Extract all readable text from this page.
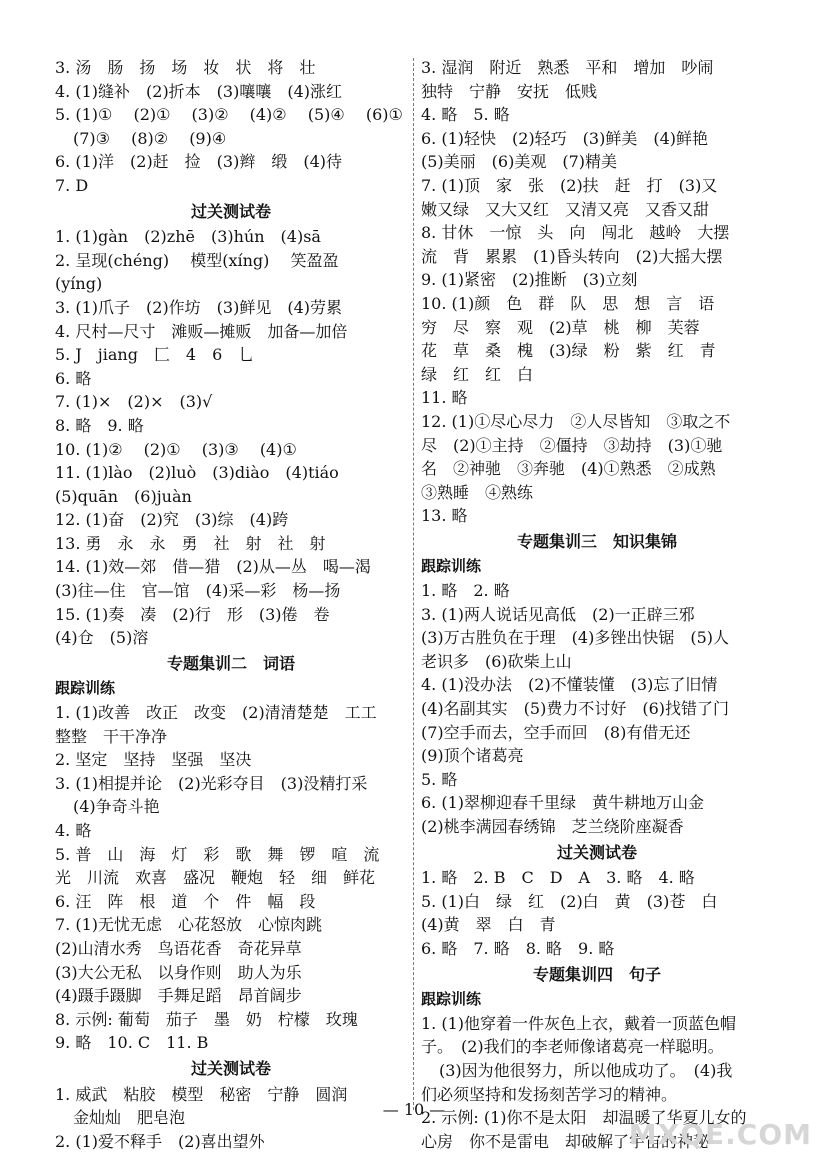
3. 汤　肠　扬　场　妆　状　将　壮
4. (1)缝补　(2)折本　(3)嚷嚷　(4)涨红
5. (1)① 　(2)① 　(3)② 　(4)② 　(5)④ 　(6)①
(7)③ 　(8)② 　(9)④
6. (1)洋　(2)赶　捡　(3)辫　缎　(4)待
7. D
过关测试卷
1. (1)gàn　(2)zhē　(3)hún　(4)sā
2. 呈现(chéng)　 模型(xíng)　 笑盈盈
(yíng)
3. (1)爪子　(2)作坊　(3)鲜见　(4)劳累
4. 尺村—尺寸　滩贩—摊贩　加备—加倍
5. J　jiang　匚　4　6　乚
6. 略
7. (1)×　(2)×　(3)√
8. 略　9. 略
10. (1)② 　(2)① 　(3)③ 　(4)①
11. (1)lào　(2)luò　(3)diào　(4)tiáo
(5)quān　(6)juàn
12. (1)奋　(2)究　(3)综　(4)跨
13. 勇　永　永　勇　社　射　社　射
14. (1)效—郊　借—猎　(2)从—丛　喝—渴
(3)往—住　官—馆　(4)采—彩　杨—扬
15. (1)奏　凑　(2)行　形　(3)倦　卷
(4)仓　(5)溶
专题集训二　词语
跟踪训练
1. (1)改善　改正　改变　(2)清清楚楚　工工
整整　干干净净
2. 坚定　坚持　坚强　坚决
3. (1)相提并论　(2)光彩夺目　(3)没精打采
(4)争奇斗艳
4. 略
5. 普　山　海　灯　彩　歌　舞　锣　喧　流
光　川流　欢喜　盛况　鞭炮　轻　细　鲜花
6. 汪　阵　根　道　个　件　幅　段
7. (1)无忧无虑　心花怒放　心惊肉跳
(2)山清水秀　鸟语花香　奇花异草
(3)大公无私　以身作则　助人为乐
(4)蹑手蹑脚　手舞足蹈　昂首阔步
8. 示例: 葡萄　茄子　墨　奶　柠檬　玫瑰
9. 略　10. C　11. B
过关测试卷
1. 威武　粘胶　模型　秘密　宁静　圆润
金灿灿　肥皂泡
2. (1)爱不释手　(2)喜出望外
3. 湿润　附近　熟悉　平和　增加　吵闹
独特　宁静　安抚　低贱
4. 略　5. 略
6. (1)轻快　(2)轻巧　(3)鲜美　(4)鲜艳
(5)美丽　(6)美观　(7)精美
7. (1)顶　家　张　(2)扶　赶　打　(3)又
嫩又绿　又大又红　又清又亮　又香又甜
8. 甘休　一惊　头　向　闯北　越岭　大摆
流　背　累累　(1)昏头转向　(2)大摇大摆
9. (1)紧密　(2)推断　(3)立刻
10. (1)颜　色　群　队　思　想　言　语
穷　尽　察　观　(2)草　桃　柳　芙蓉
花　草　桑　槐　(3)绿　粉　紫　红　青
绿　红　红　白
11. 略
12. (1)①尽心尽力　②人尽皆知　③取之不
尽　(2)①主持　②僵持　③劫持　(3)①驰
名　②神驰　③奔驰　(4)①熟悉　②成熟
③熟睡　④熟练
13. 略
专题集训三　知识集锦
跟踪训练
1. 略　2. 略
3. (1)两人说话见高低　(2)一正辟三邪
(3)万古胜负在于理　(4)多锉出快锯　(5)人
老识多　(6)砍柴上山
4. (1)没办法　(2)不懂装懂　(3)忘了旧情
(4)名副其实　(5)费力不讨好　(6)找错了门
(7)空手而去，空手而回　(8)有借无还
(9)顶个诸葛亮
5. 略
6. (1)翠柳迎春千里绿　黄牛耕地万山金
(2)桃李满园春绣锦　芝兰绕阶座凝香
过关测试卷
1. 略　2. B　C　D　A　3. 略　4. 略
5. (1)白　绿　红　(2)白　黄　(3)苍　白
(4)黄　翠　白　青
6. 略　7. 略　8. 略　9. 略
专题集训四　句子
跟踪训练
1. (1)他穿着一件灰色上衣，戴着一顶蓝色帽
子。　(2)我们的李老师像诸葛亮一样聪明。
(3)因为他很努力，所以他成功了。　(4)我
们必须坚持和发扬刻苦学习的精神。
2. 示例: (1)你不是太阳　却温暖了华夏儿女的
心房　你不是雷电　却破解了宇宙的神秘
— 10 —
MXQE.COM
